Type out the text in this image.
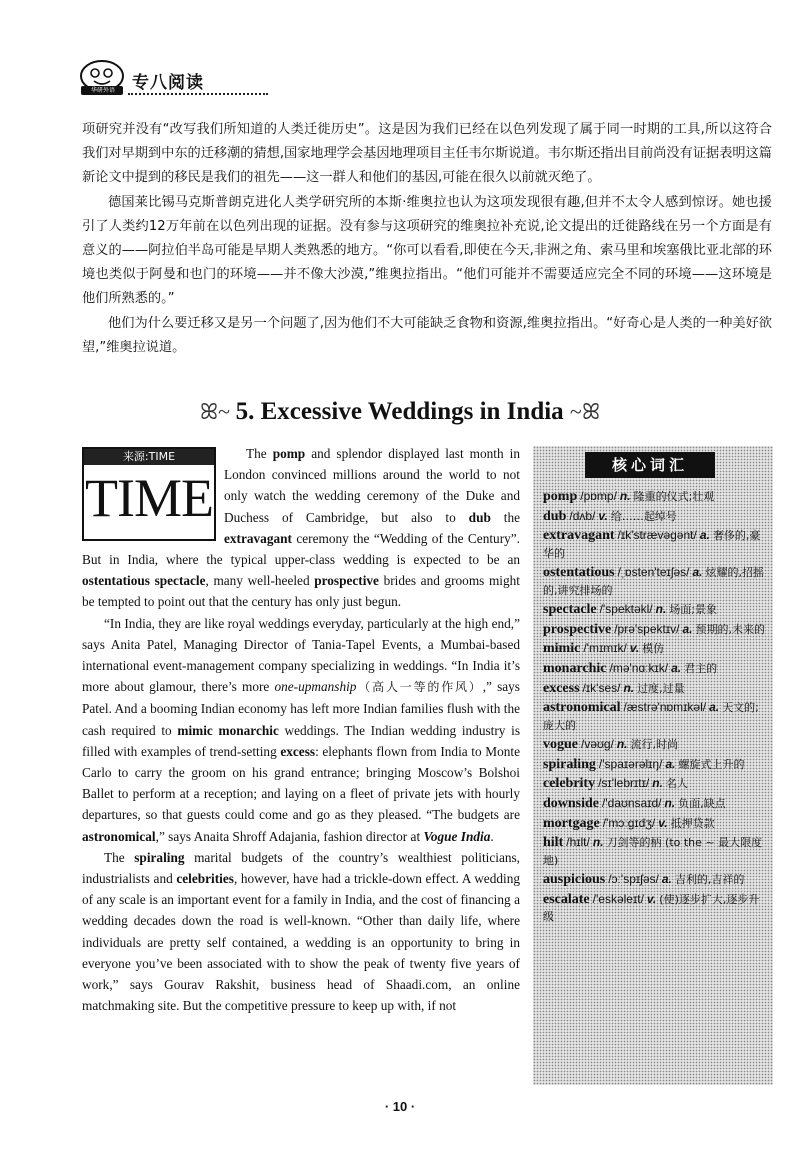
华研外语	专八阅读

项研究并没有“改写我们所知道的人类迁徙历史”。这是因为我们已经在以色列发现了属于同一时期的工具,所以这符合我们对早期到中东的迁移潮的猜想,国家地理学会基因地理项目主任韦尔斯说道。韦尔斯还指出目前尚没有证据表明这篇新论文中提到的移民是我们的祖先——这一群人和他们的基因,可能在很久以前就灭绝了。

德国莱比锡马克斯普朗克进化人类学研究所的本斯·维奥拉也认为这项发现很有趣,但并不太令人感到惊讶。她也援引了人类约12万年前在以色列出现的证据。没有参与这项研究的维奥拉补充说,论文提出的迁徙路线在另一个方面是有意义的——阿拉伯半岛可能是早期人类熟悉的地方。“你可以看看,即使在今天,非洲之角、索马里和埃塞俄比亚北部的环境也类似于阿曼和也门的环境——并不像大沙漠,”维奥拉指出。“他们可能并不需要适应完全不同的环境——这环境是他们所熟悉的。”

他们为什么要迁移又是另一个问题了,因为他们不大可能缺乏食物和资源,维奥拉指出。“好奇心是人类的一种美好欲望,”维奥拉说道。

ꕤ~ 5. Excessive Weddings in India ~ꕤ
来源:TIME
TIME

The pomp and splendor displayed last month in London convinced millions around the world to not only watch the wedding ceremony of the Duke and Duchess of Cambridge, but also to dub the extravagant ceremony the “Wedding of the Century”. But in India, where the typical upper-class wedding is expected to be an ostentatious spectacle, many well-heeled prospective brides and grooms might be tempted to point out that the century has only just begun.

“In India, they are like royal weddings everyday, particularly at the high end,” says Anita Patel, Managing Director of Tania-Tapel Events, a Mumbai-based international event-management company specializing in weddings. “In India it’s more about glamour, there’s more one-upmanship（高人一等的作风）,” says Patel. And a booming Indian economy has left more Indian families flush with the cash required to mimic monarchic weddings. The Indian wedding industry is filled with examples of trend-setting excess: elephants flown from India to Monte Carlo to carry the groom on his grand entrance; bringing Moscow’s Bolshoi Ballet to perform at a reception; and laying on a fleet of private jets with hourly departures, so that guests could come and go as they pleased. “The budgets are astronomical,” says Anaita Shroff Adajania, fashion director at Vogue India.

The spiraling marital budgets of the country’s wealthiest politicians, industrialists and celebrities, however, have had a trickle-down effect. A wedding of any scale is an important event for a family in India, and the cost of financing a wedding decades down the road is well-known. “Other than daily life, where individuals are pretty self contained, a wedding is an opportunity to bring in everyone you’ve been associated with to show the peak of twenty five years of work,” says Gourav Rakshit, business head of Shaadi.com, an online matchmaking site. But the competitive pressure to keep up with, if not

核心词汇
pomp /pɒmp/ n. 隆重的仪式;壮观
dub /dʌb/ v. 给……起绰号
extravagant /ɪk'strævəgənt/ a. 奢侈的,豪华的
ostentatious /ˌɒsten'teɪʃəs/ a. 炫耀的,招摇的,讲究排场的
spectacle /'spektəkl/ n. 场面;景象
prospective /prə'spektɪv/ a. 预期的,未来的
mimic /'mɪmɪk/ v. 模仿
monarchic /mə'nɑːkɪk/ a. 君主的
excess /ɪk'ses/ n. 过度,过量
astronomical /æstrə'nɒmɪkəl/ a. 天文的;庞大的
vogue /vəʊg/ n. 流行,时尚
spiraling /'spaɪərəlɪŋ/ a. 螺旋式上升的
celebrity /sɪ'lebrɪtɪ/ n. 名人
downside /'daʊnsaɪd/ n. 负面,缺点
mortgage /'mɔːgɪdʒ/ v. 抵押贷款
hilt /hɪlt/ n. 刀剑等的柄 (to the ~ 最大限度地)
auspicious /ɔː'spɪʃəs/ a. 吉利的,吉祥的
escalate /'eskəleɪt/ v. (使)逐步扩大,逐步升级
· 10 ·
